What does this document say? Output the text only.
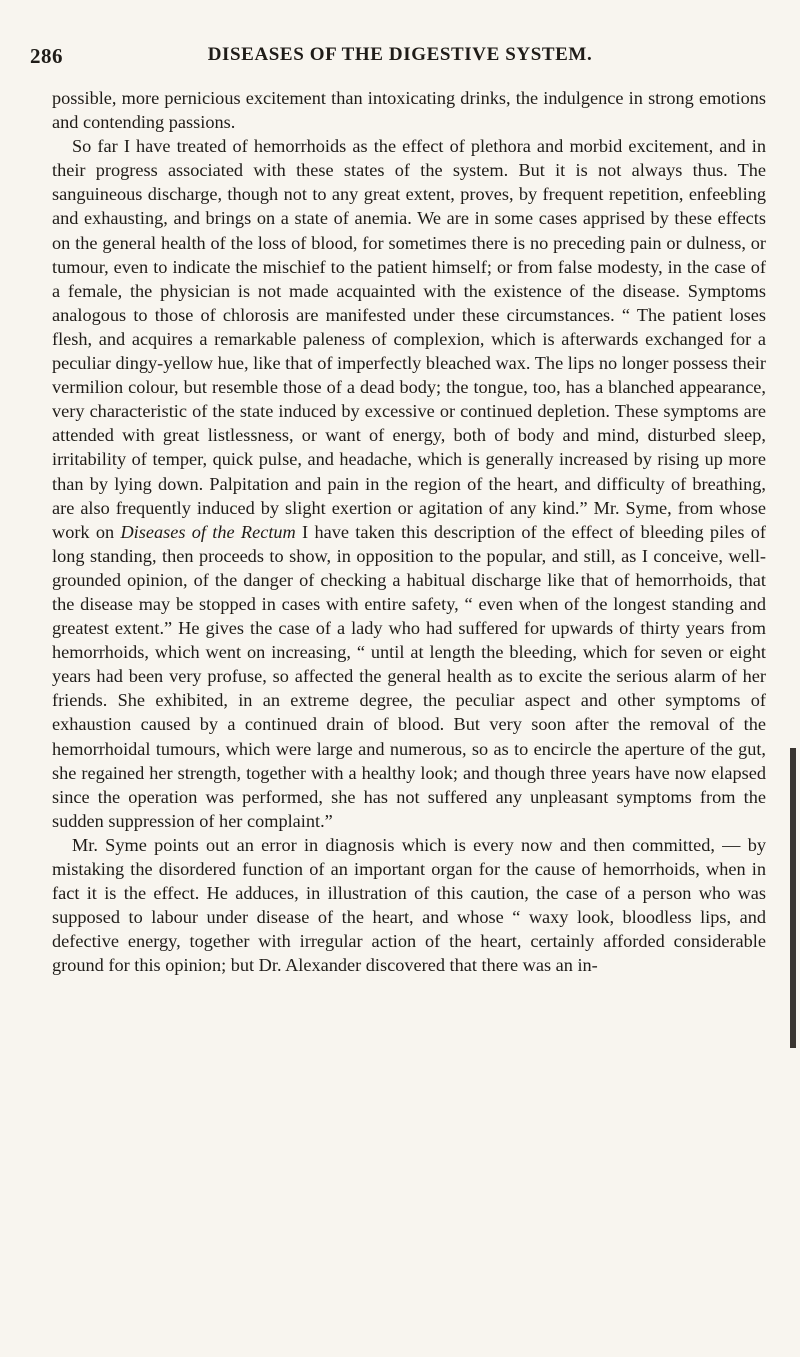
286	DISEASES OF THE DIGESTIVE SYSTEM.

possible, more pernicious excitement than intoxicating drinks, the indulgence in strong emotions and contending passions.

So far I have treated of hemorrhoids as the effect of plethora and morbid excitement, and in their progress associated with these states of the system. But it is not always thus. The sanguineous discharge, though not to any great extent, proves, by frequent repetition, enfeebling and exhausting, and brings on a state of anemia. We are in some cases apprised by these effects on the general health of the loss of blood, for sometimes there is no preceding pain or dulness, or tumour, even to indicate the mischief to the patient himself; or from false modesty, in the case of a female, the physician is not made acquainted with the existence of the disease. Symptoms analogous to those of chlorosis are manifested under these circumstances. “ The patient loses flesh, and acquires a remarkable paleness of complexion, which is afterwards exchanged for a peculiar dingy-yellow hue, like that of imperfectly bleached wax. The lips no longer possess their vermilion colour, but resemble those of a dead body; the tongue, too, has a blanched appearance, very characteristic of the state induced by excessive or continued depletion. These symptoms are attended with great listlessness, or want of energy, both of body and mind, disturbed sleep, irritability of temper, quick pulse, and headache, which is generally increased by rising up more than by lying down. Palpitation and pain in the region of the heart, and difficulty of breathing, are also frequently induced by slight exertion or agitation of any kind.” Mr. Syme, from whose work on Diseases of the Rectum I have taken this description of the effect of bleeding piles of long standing, then proceeds to show, in opposition to the popular, and still, as I conceive, well-grounded opinion, of the danger of checking a habitual discharge like that of hemorrhoids, that the disease may be stopped in cases with entire safety, “ even when of the longest standing and greatest extent.” He gives the case of a lady who had suffered for upwards of thirty years from hemorrhoids, which went on increasing, “ until at length the bleeding, which for seven or eight years had been very profuse, so affected the general health as to excite the serious alarm of her friends. She exhibited, in an extreme degree, the peculiar aspect and other symptoms of exhaustion caused by a continued drain of blood. But very soon after the removal of the hemorrhoidal tumours, which were large and numerous, so as to encircle the aperture of the gut, she regained her strength, together with a healthy look; and though three years have now elapsed since the operation was performed, she has not suffered any unpleasant symptoms from the sudden suppression of her complaint.”

Mr. Syme points out an error in diagnosis which is every now and then committed, — by mistaking the disordered function of an important organ for the cause of hemorrhoids, when in fact it is the effect. He adduces, in illustration of this caution, the case of a person who was supposed to labour under disease of the heart, and whose “ waxy look, bloodless lips, and defective energy, together with irregular action of the heart, certainly afforded considerable ground for this opinion; but Dr. Alexander discovered that there was an in-
